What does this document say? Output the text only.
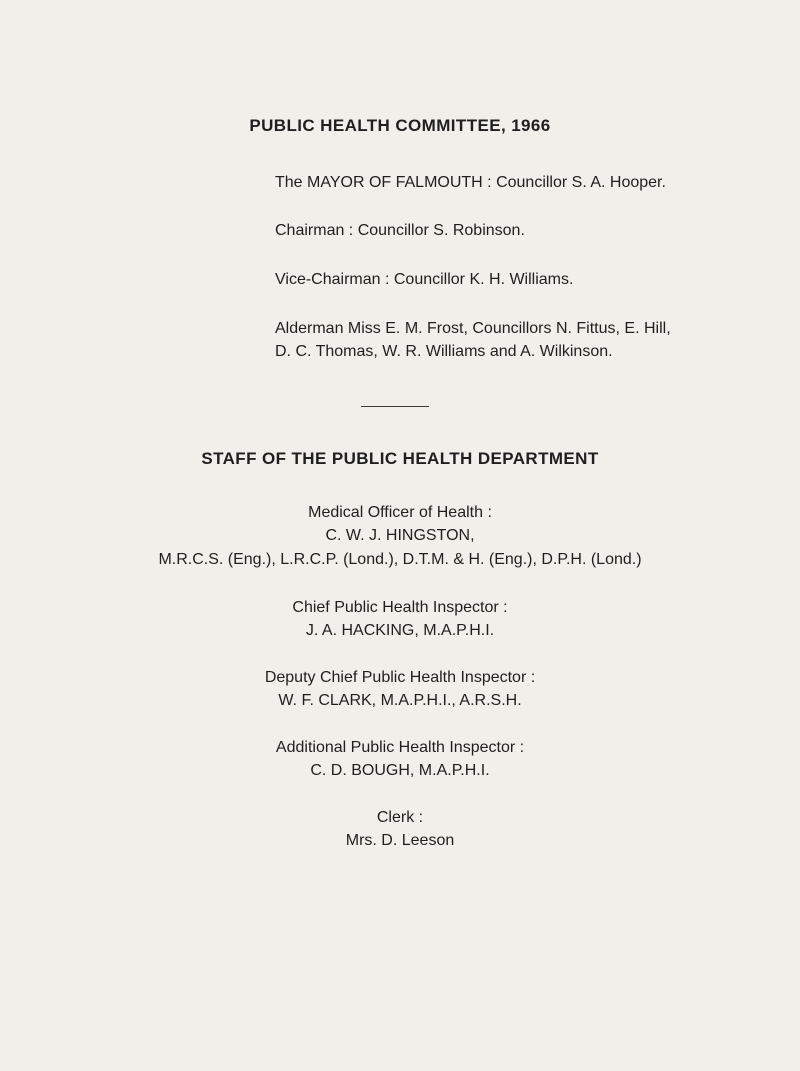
PUBLIC HEALTH COMMITTEE, 1966

The MAYOR OF FALMOUTH : Councillor S. A. Hooper.

Chairman : Councillor S. Robinson.

Vice-Chairman : Councillor K. H. Williams.

Alderman Miss E. M. Frost, Councillors N. Fittus, E. Hill,

D. C. Thomas, W. R. Williams and A. Wilkinson.

STAFF OF THE PUBLIC HEALTH DEPARTMENT

Medical Officer of Health :

C. W. J. HINGSTON,

M.R.C.S. (Eng.), L.R.C.P. (Lond.), D.T.M. & H. (Eng.), D.P.H. (Lond.)

Chief Public Health Inspector :

J. A. HACKING, M.A.P.H.I.

Deputy Chief Public Health Inspector :

W. F. CLARK, M.A.P.H.I., A.R.S.H.

Additional Public Health Inspector :

C. D. BOUGH, M.A.P.H.I.

Clerk :

Mrs. D. Leeson
